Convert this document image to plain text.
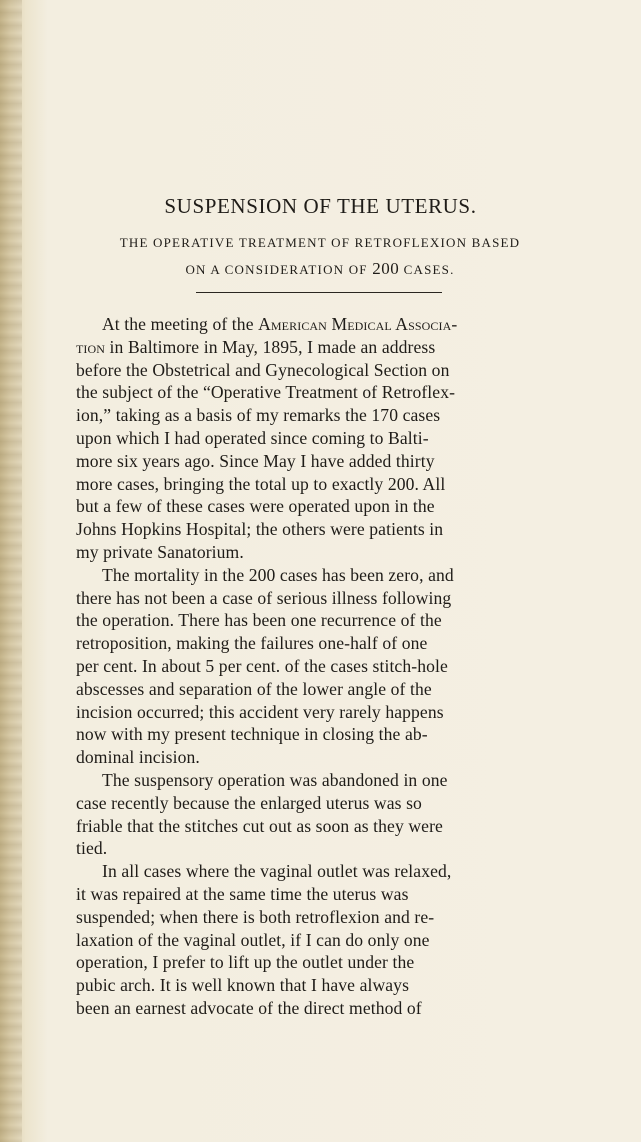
SUSPENSION OF THE UTERUS.
THE OPERATIVE TREATMENT OF RETROFLEXION BASED
ON A CONSIDERATION OF 200 CASES.
At the meeting of the American Medical Associa-
tion in Baltimore in May, 1895, I made an address
before the Obstetrical and Gynecological Section on
the subject of the “Operative Treatment of Retroflex-
ion,” taking as a basis of my remarks the 170 cases
upon which I had operated since coming to Balti-
more six years ago. Since May I have added thirty
more cases, bringing the total up to exactly 200. All
but a few of these cases were operated upon in the
Johns Hopkins Hospital; the others were patients in
my private Sanatorium.
The mortality in the 200 cases has been zero, and
there has not been a case of serious illness following
the operation. There has been one recurrence of the
retroposition, making the failures one-half of one
per cent. In about 5 per cent. of the cases stitch-hole
abscesses and separation of the lower angle of the
incision occurred; this accident very rarely happens
now with my present technique in closing the ab-
dominal incision.
The suspensory operation was abandoned in one
case recently because the enlarged uterus was so
friable that the stitches cut out as soon as they were
tied.
In all cases where the vaginal outlet was relaxed,
it was repaired at the same time the uterus was
suspended; when there is both retroflexion and re-
laxation of the vaginal outlet, if I can do only one
operation, I prefer to lift up the outlet under the
pubic arch. It is well known that I have always
been an earnest advocate of the direct method of
